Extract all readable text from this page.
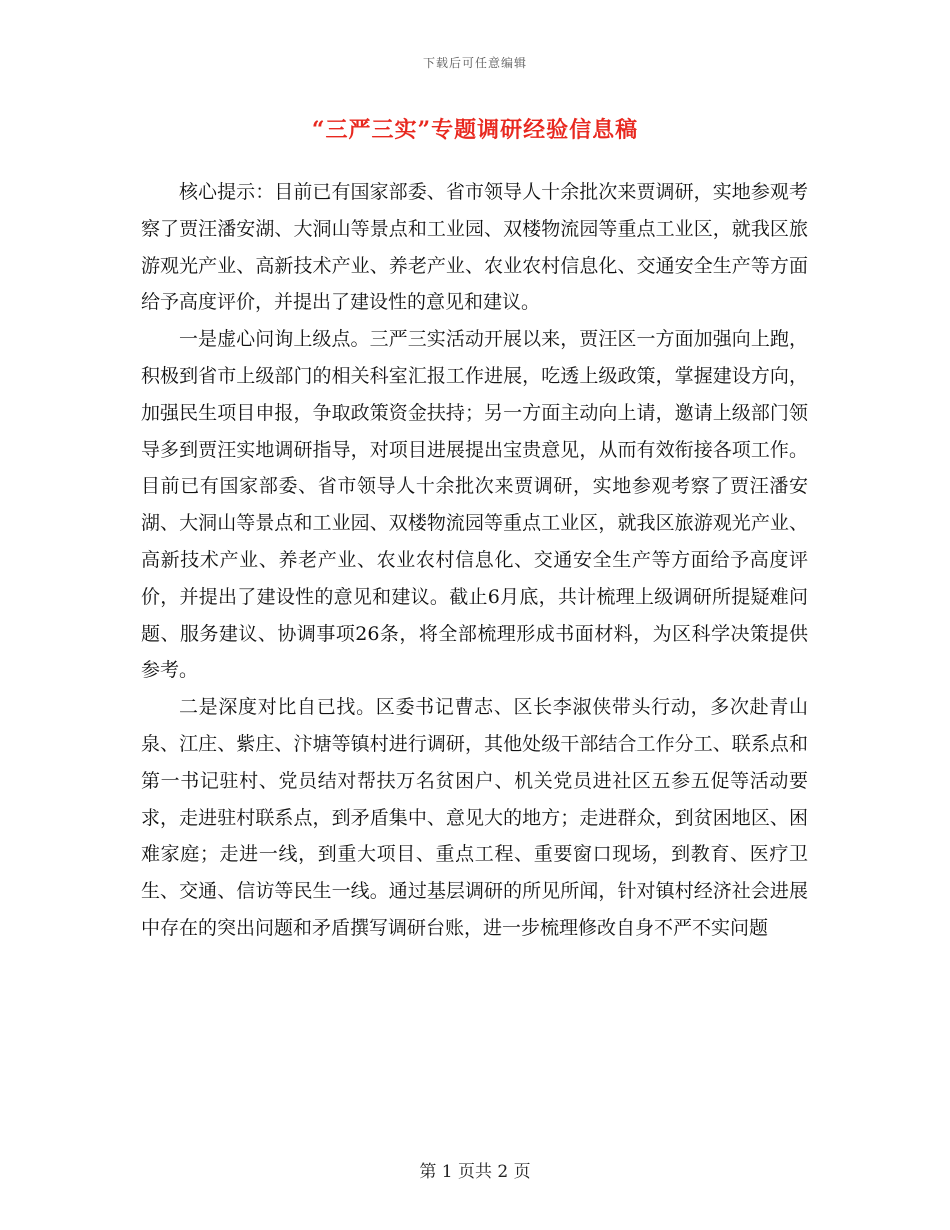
下载后可任意编辑
“三严三实”专题调研经验信息稿

核心提示：目前已有国家部委、省市领导人十余批次来贾调研，实地参观考察了贾汪潘安湖、大洞山等景点和工业园、双楼物流园等重点工业区，就我区旅游观光产业、高新技术产业、养老产业、农业农村信息化、交通安全生产等方面给予高度评价，并提出了建设性的意见和建议。

一是虚心问询上级点。三严三实活动开展以来，贾汪区一方面加强向上跑，积极到省市上级部门的相关科室汇报工作进展，吃透上级政策，掌握建设方向，加强民生项目申报，争取政策资金扶持；另一方面主动向上请，邀请上级部门领导多到贾汪实地调研指导，对项目进展提出宝贵意见，从而有效衔接各项工作。目前已有国家部委、省市领导人十余批次来贾调研，实地参观考察了贾汪潘安湖、大洞山等景点和工业园、双楼物流园等重点工业区，就我区旅游观光产业、高新技术产业、养老产业、农业农村信息化、交通安全生产等方面给予高度评价，并提出了建设性的意见和建议。截止6月底，共计梳理上级调研所提疑难问题、服务建议、协调事项26条，将全部梳理形成书面材料，为区科学决策提供参考。

二是深度对比自已找。区委书记曹志、区长李淑侠带头行动，多次赴青山泉、江庄、紫庄、汴塘等镇村进行调研，其他处级干部结合工作分工、联系点和第一书记驻村、党员结对帮扶万名贫困户、机关党员进社区五参五促等活动要求，走进驻村联系点，到矛盾集中、意见大的地方；走进群众，到贫困地区、困难家庭；走进一线，到重大项目、重点工程、重要窗口现场，到教育、医疗卫生、交通、信访等民生一线。通过基层调研的所见所闻，针对镇村经济社会进展中存在的突出问题和矛盾撰写调研台账，进一步梳理修改自身不严不实问题

第 1 页共 2 页
